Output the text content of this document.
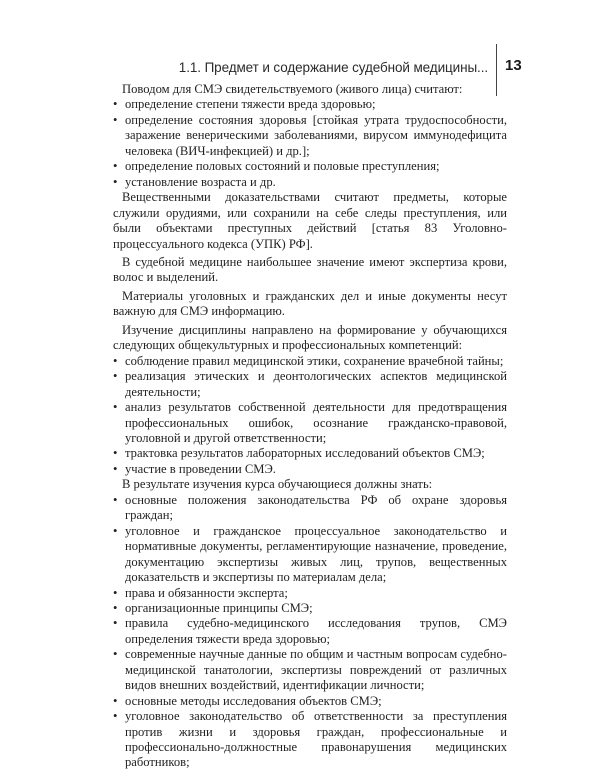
1.1. Предмет и содержание судебной медицины... 13

Поводом для СМЭ свидетельствуемого (живого лица) считают:

• определение степени тяжести вреда здоровью;
• определение состояния здоровья [стойкая утрата трудоспособности, заражение венерическими заболеваниями, вирусом иммунодефицита человека (ВИЧ-инфекцией) и др.];
• определение половых состояний и половые преступления;
• установление возраста и др.

Вещественными доказательствами считают предметы, которые служили орудиями, или сохранили на себе следы преступления, или были объектами преступных действий [статья 83 Уголовно-процессуального кодекса (УПК) РФ].

В судебной медицине наибольшее значение имеют экспертиза крови, волос и выделений.

Материалы уголовных и гражданских дел и иные документы несут важную для СМЭ информацию.

Изучение дисциплины направлено на формирование у обучающихся следующих общекультурных и профессиональных компетенций:

• соблюдение правил медицинской этики, сохранение врачебной тайны;
• реализация этических и деонтологических аспектов медицинской деятельности;
• анализ результатов собственной деятельности для предотвращения профессиональных ошибок, осознание гражданско-правовой, уголовной и другой ответственности;
• трактовка результатов лабораторных исследований объектов СМЭ;
• участие в проведении СМЭ.

В результате изучения курса обучающиеся должны знать:

• основные положения законодательства РФ об охране здоровья граждан;
• уголовное и гражданское процессуальное законодательство и нормативные документы, регламентирующие назначение, проведение, документацию экспертизы живых лиц, трупов, вещественных доказательств и экспертизы по материалам дела;
• права и обязанности эксперта;
• организационные принципы СМЭ;
• правила судебно-медицинского исследования трупов, СМЭ определения тяжести вреда здоровью;
• современные научные данные по общим и частным вопросам судебно-медицинской танатологии, экспертизы повреждений от различных видов внешних воздействий, идентификации личности;
• основные методы исследования объектов СМЭ;
• уголовное законодательство об ответственности за преступления против жизни и здоровья граждан, профессиональные и профессионально-должностные правонарушения медицинских работников;
